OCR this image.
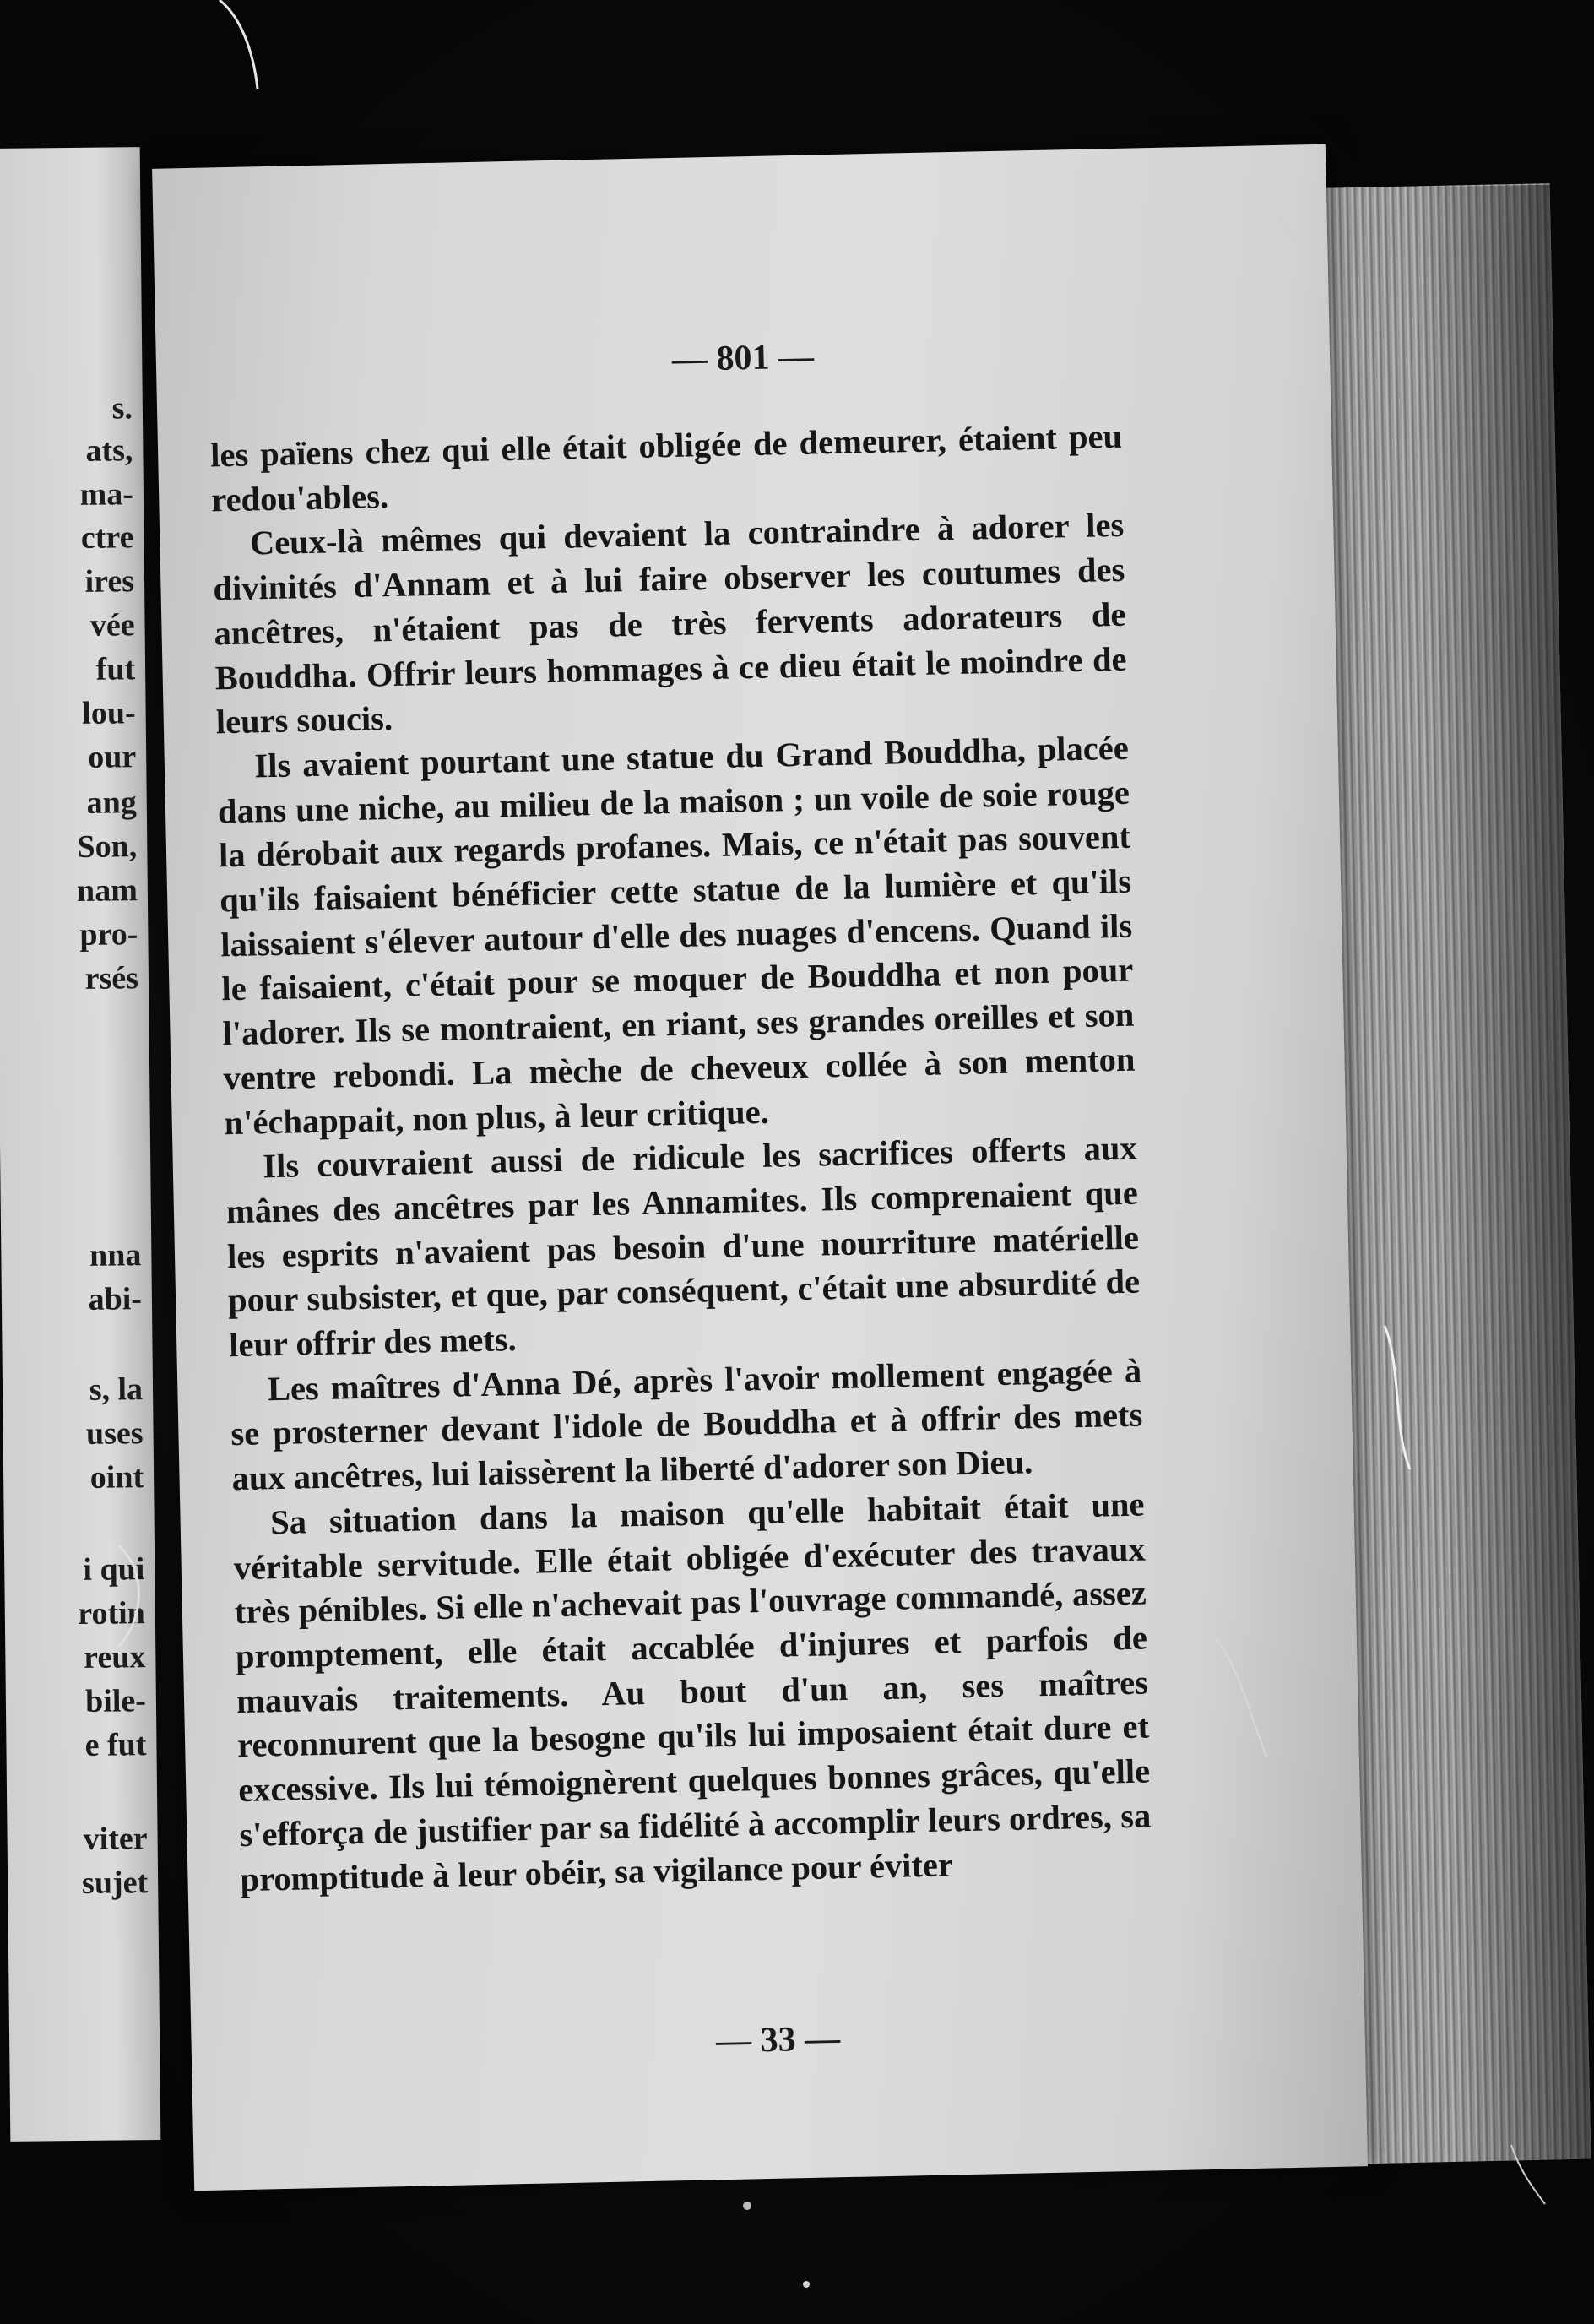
s.
ats,
ma-
ctre
ires
vée
fut
lou-
our
ang
Son,
nam
pro-
rsés
nna
abi-
s, la
uses
oint
i qui
rotin
reux
bile-
e fut
viter
sujet
— 801 —

les païens chez qui elle était obligée de demeurer, étaient peu redou'ables.

Ceux-là mêmes qui devaient la contraindre à adorer les divinités d'Annam et à lui faire observer les coutumes des ancêtres, n'étaient pas de très fervents adorateurs de Bouddha. Offrir leurs hommages à ce dieu était le moindre de leurs soucis.

Ils avaient pourtant une statue du Grand Bouddha, placée dans une niche, au milieu de la maison ; un voile de soie rouge la dérobait aux regards profanes. Mais, ce n'était pas souvent qu'ils faisaient bénéficier cette statue de la lumière et qu'ils laissaient s'élever autour d'elle des nuages d'encens. Quand ils le faisaient, c'était pour se moquer de Bouddha et non pour l'adorer. Ils se montraient, en riant, ses grandes oreilles et son ventre rebondi. La mèche de cheveux collée à son menton n'échappait, non plus, à leur critique.

Ils couvraient aussi de ridicule les sacrifices offerts aux mânes des ancêtres par les Annamites. Ils comprenaient que les esprits n'avaient pas besoin d'une nourriture matérielle pour subsister, et que, par conséquent, c'était une absurdité de leur offrir des mets.

Les maîtres d'Anna Dé, après l'avoir mollement engagée à se prosterner devant l'idole de Bouddha et à offrir des mets aux ancêtres, lui laissèrent la liberté d'adorer son Dieu.

Sa situation dans la maison qu'elle habitait était une véritable servitude. Elle était obligée d'exécuter des travaux très pénibles. Si elle n'achevait pas l'ouvrage commandé, assez promptement, elle était accablée d'injures et parfois de mauvais traitements. Au bout d'un an, ses maîtres reconnurent que la besogne qu'ils lui imposaient était dure et excessive. Ils lui témoignèrent quelques bonnes grâces, qu'elle s'efforça de justifier par sa fidélité à accomplir leurs ordres, sa promptitude à leur obéir, sa vigilance pour éviter

— 33 —
